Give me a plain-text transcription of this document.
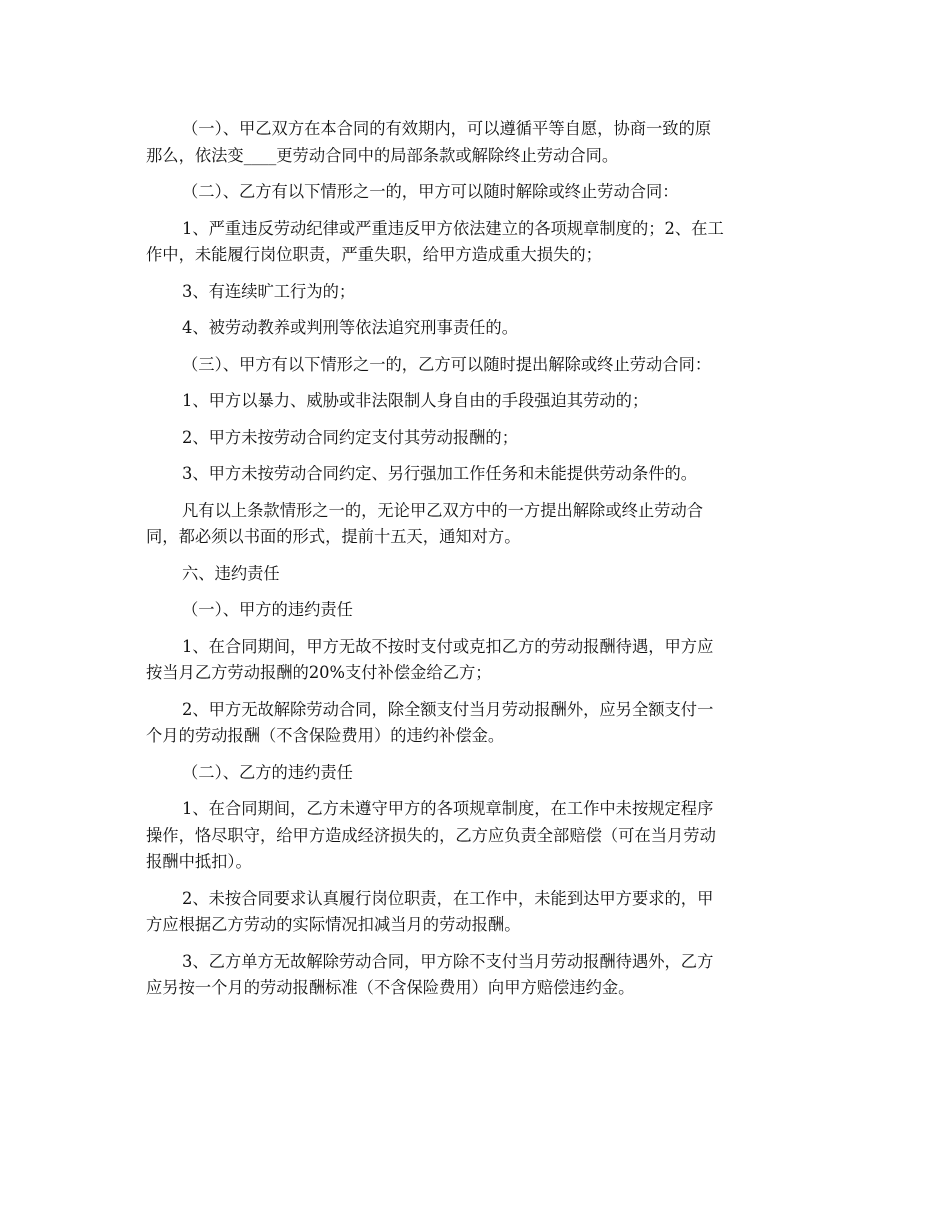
（一）、甲乙双方在本合同的有效期内，可以遵循平等自愿，协商一致的原
那么，依法变____更劳动合同中的局部条款或解除终止劳动合同。

（二）、乙方有以下情形之一的，甲方可以随时解除或终止劳动合同：

1、严重违反劳动纪律或严重违反甲方依法建立的各项规章制度的；2、在工
作中，未能履行岗位职责，严重失职，给甲方造成重大损失的；

3、有连续旷工行为的；

4、被劳动教养或判刑等依法追究刑事责任的。

（三）、甲方有以下情形之一的，乙方可以随时提出解除或终止劳动合同：

1、甲方以暴力、威胁或非法限制人身自由的手段强迫其劳动的；

2、甲方未按劳动合同约定支付其劳动报酬的；

3、甲方未按劳动合同约定、另行强加工作任务和未能提供劳动条件的。

凡有以上条款情形之一的，无论甲乙双方中的一方提出解除或终止劳动合
同，都必须以书面的形式，提前十五天，通知对方。

六、违约责任

（一）、甲方的违约责任

1、在合同期间，甲方无故不按时支付或克扣乙方的劳动报酬待遇，甲方应
按当月乙方劳动报酬的20%支付补偿金给乙方；

2、甲方无故解除劳动合同，除全额支付当月劳动报酬外，应另全额支付一
个月的劳动报酬（不含保险费用）的违约补偿金。

（二）、乙方的违约责任

1、在合同期间，乙方未遵守甲方的各项规章制度，在工作中未按规定程序
操作，恪尽职守，给甲方造成经济损失的，乙方应负责全部赔偿（可在当月劳动
报酬中抵扣）。

2、未按合同要求认真履行岗位职责，在工作中，未能到达甲方要求的，甲
方应根据乙方劳动的实际情况扣减当月的劳动报酬。

3、乙方单方无故解除劳动合同，甲方除不支付当月劳动报酬待遇外，乙方
应另按一个月的劳动报酬标准（不含保险费用）向甲方赔偿违约金。
